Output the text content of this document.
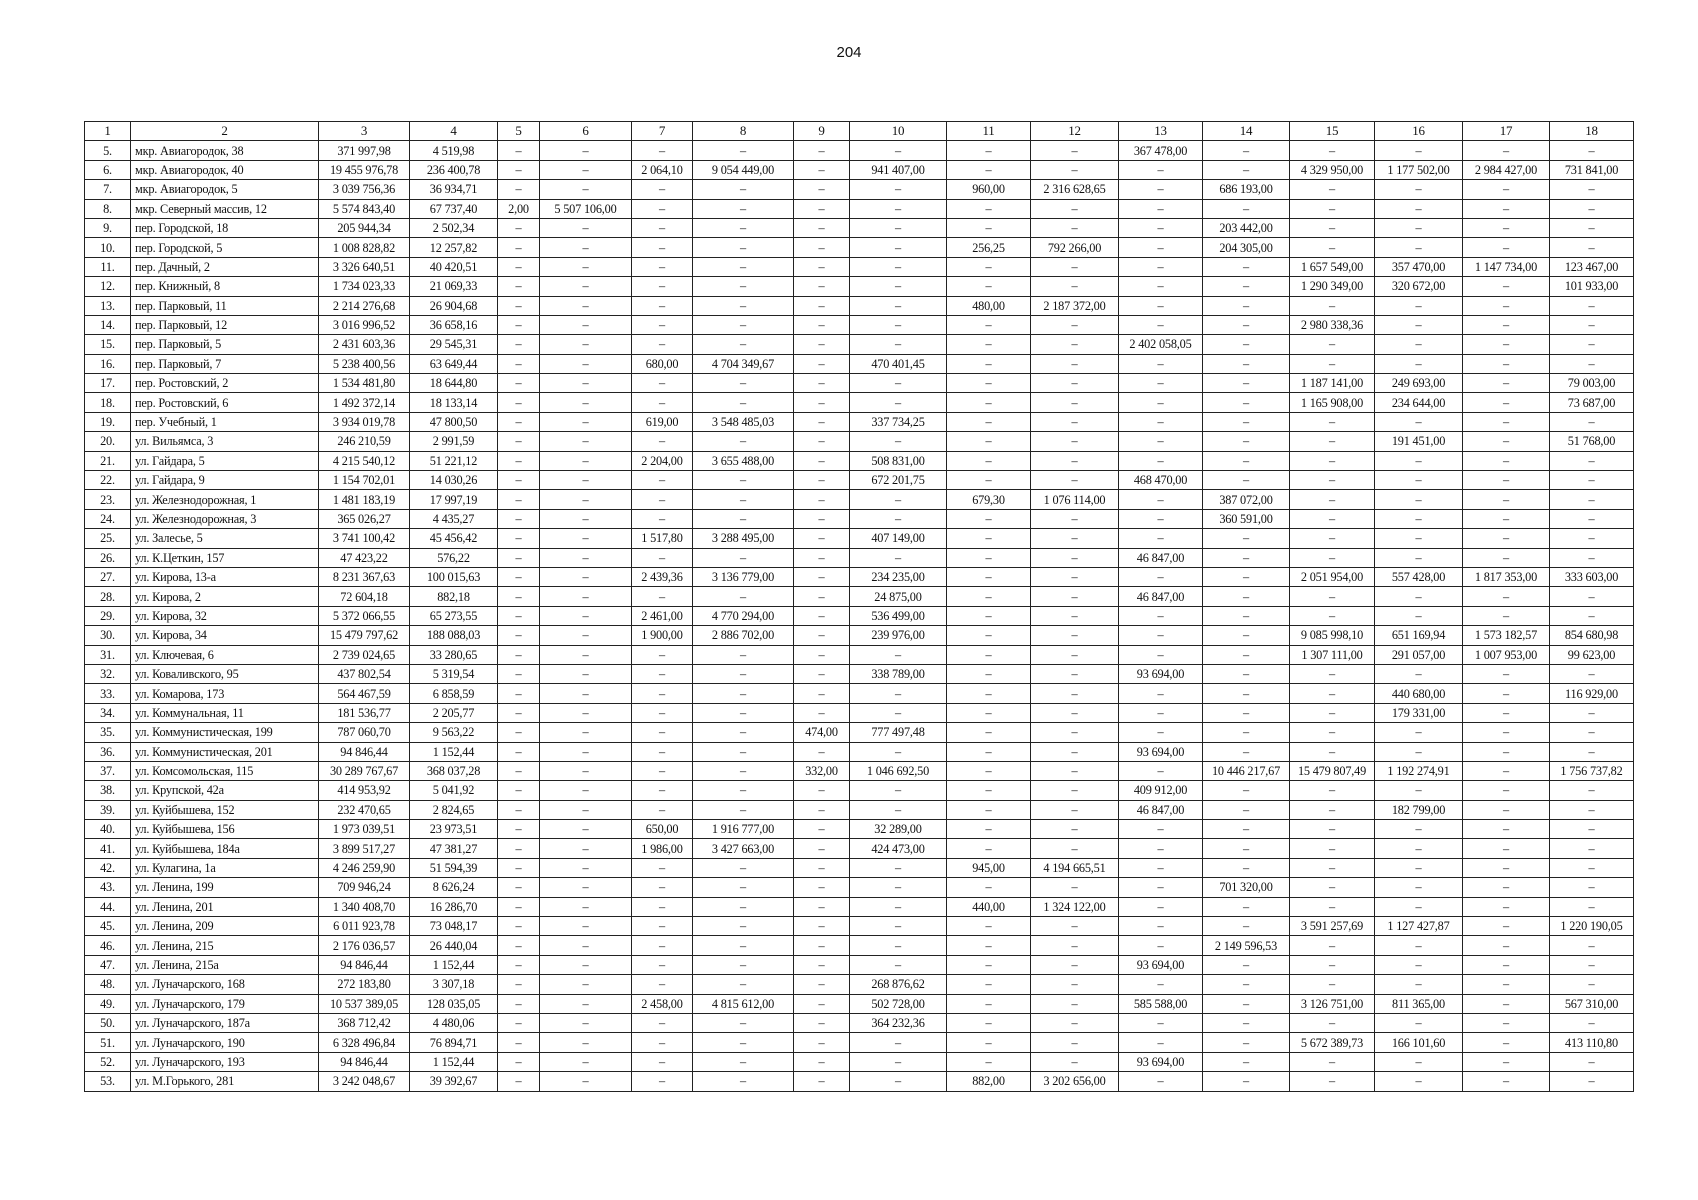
204
1	2	3	4	5	6	7	8	9	10	11	12	13	14	15	16	17	18
5.	мкр. Авиагородок, 38	371 997,98	4 519,98	–	–	–	–	–	–	–	–	367 478,00	–	–	–	–	–
6.	мкр. Авиагородок, 40	19 455 976,78	236 400,78	–	–	2 064,10	9 054 449,00	–	941 407,00	–	–	–	–	4 329 950,00	1 177 502,00	2 984 427,00	731 841,00
7.	мкр. Авиагородок, 5	3 039 756,36	36 934,71	–	–	–	–	–	–	960,00	2 316 628,65	–	686 193,00	–	–	–	–
8.	мкр. Северный массив, 12	5 574 843,40	67 737,40	2,00	5 507 106,00	–	–	–	–	–	–	–	–	–	–	–	–
9.	пер. Городской, 18	205 944,34	2 502,34	–	–	–	–	–	–	–	–	–	203 442,00	–	–	–	–
10.	пер. Городской, 5	1 008 828,82	12 257,82	–	–	–	–	–	–	256,25	792 266,00	–	204 305,00	–	–	–	–
11.	пер. Дачный, 2	3 326 640,51	40 420,51	–	–	–	–	–	–	–	–	–	–	1 657 549,00	357 470,00	1 147 734,00	123 467,00
12.	пер. Книжный, 8	1 734 023,33	21 069,33	–	–	–	–	–	–	–	–	–	–	1 290 349,00	320 672,00	–	101 933,00
13.	пер. Парковый, 11	2 214 276,68	26 904,68	–	–	–	–	–	–	480,00	2 187 372,00	–	–	–	–	–	–
14.	пер. Парковый, 12	3 016 996,52	36 658,16	–	–	–	–	–	–	–	–	–	–	2 980 338,36	–	–	–
15.	пер. Парковый, 5	2 431 603,36	29 545,31	–	–	–	–	–	–	–	–	2 402 058,05	–	–	–	–	–
16.	пер. Парковый, 7	5 238 400,56	63 649,44	–	–	680,00	4 704 349,67	–	470 401,45	–	–	–	–	–	–	–	–
17.	пер. Ростовский, 2	1 534 481,80	18 644,80	–	–	–	–	–	–	–	–	–	–	1 187 141,00	249 693,00	–	79 003,00
18.	пер. Ростовский, 6	1 492 372,14	18 133,14	–	–	–	–	–	–	–	–	–	–	1 165 908,00	234 644,00	–	73 687,00
19.	пер. Учебный, 1	3 934 019,78	47 800,50	–	–	619,00	3 548 485,03	–	337 734,25	–	–	–	–	–	–	–	–
20.	ул. Вильямса, 3	246 210,59	2 991,59	–	–	–	–	–	–	–	–	–	–	–	191 451,00	–	51 768,00
21.	ул. Гайдара, 5	4 215 540,12	51 221,12	–	–	2 204,00	3 655 488,00	–	508 831,00	–	–	–	–	–	–	–	–
22.	ул. Гайдара, 9	1 154 702,01	14 030,26	–	–	–	–	–	672 201,75	–	–	468 470,00	–	–	–	–	–
23.	ул. Железнодорожная, 1	1 481 183,19	17 997,19	–	–	–	–	–	–	679,30	1 076 114,00	–	387 072,00	–	–	–	–
24.	ул. Железнодорожная, 3	365 026,27	4 435,27	–	–	–	–	–	–	–	–	–	360 591,00	–	–	–	–
25.	ул. Залесье, 5	3 741 100,42	45 456,42	–	–	1 517,80	3 288 495,00	–	407 149,00	–	–	–	–	–	–	–	–
26.	ул. К.Цеткин, 157	47 423,22	576,22	–	–	–	–	–	–	–	–	46 847,00	–	–	–	–	–
27.	ул. Кирова, 13-а	8 231 367,63	100 015,63	–	–	2 439,36	3 136 779,00	–	234 235,00	–	–	–	–	2 051 954,00	557 428,00	1 817 353,00	333 603,00
28.	ул. Кирова, 2	72 604,18	882,18	–	–	–	–	–	24 875,00	–	–	46 847,00	–	–	–	–	–
29.	ул. Кирова, 32	5 372 066,55	65 273,55	–	–	2 461,00	4 770 294,00	–	536 499,00	–	–	–	–	–	–	–	–
30.	ул. Кирова, 34	15 479 797,62	188 088,03	–	–	1 900,00	2 886 702,00	–	239 976,00	–	–	–	–	9 085 998,10	651 169,94	1 573 182,57	854 680,98
31.	ул. Ключевая, 6	2 739 024,65	33 280,65	–	–	–	–	–	–	–	–	–	–	1 307 111,00	291 057,00	1 007 953,00	99 623,00
32.	ул. Коваливского, 95	437 802,54	5 319,54	–	–	–	–	–	338 789,00	–	–	93 694,00	–	–	–	–	–
33.	ул. Комарова, 173	564 467,59	6 858,59	–	–	–	–	–	–	–	–	–	–	–	440 680,00	–	116 929,00
34.	ул. Коммунальная, 11	181 536,77	2 205,77	–	–	–	–	–	–	–	–	–	–	–	179 331,00	–	–
35.	ул. Коммунистическая, 199	787 060,70	9 563,22	–	–	–	–	474,00	777 497,48	–	–	–	–	–	–	–	–
36.	ул. Коммунистическая, 201	94 846,44	1 152,44	–	–	–	–	–	–	–	–	93 694,00	–	–	–	–	–
37.	ул. Комсомольская, 115	30 289 767,67	368 037,28	–	–	–	–	332,00	1 046 692,50	–	–	–	10 446 217,67	15 479 807,49	1 192 274,91	–	1 756 737,82
38.	ул. Крупской, 42а	414 953,92	5 041,92	–	–	–	–	–	–	–	–	409 912,00	–	–	–	–	–
39.	ул. Куйбышева, 152	232 470,65	2 824,65	–	–	–	–	–	–	–	–	46 847,00	–	–	182 799,00	–	–
40.	ул. Куйбышева, 156	1 973 039,51	23 973,51	–	–	650,00	1 916 777,00	–	32 289,00	–	–	–	–	–	–	–	–
41.	ул. Куйбышева, 184а	3 899 517,27	47 381,27	–	–	1 986,00	3 427 663,00	–	424 473,00	–	–	–	–	–	–	–	–
42.	ул. Кулагина, 1а	4 246 259,90	51 594,39	–	–	–	–	–	–	945,00	4 194 665,51	–	–	–	–	–	–
43.	ул. Ленина, 199	709 946,24	8 626,24	–	–	–	–	–	–	–	–	–	701 320,00	–	–	–	–
44.	ул. Ленина, 201	1 340 408,70	16 286,70	–	–	–	–	–	–	440,00	1 324 122,00	–	–	–	–	–	–
45.	ул. Ленина, 209	6 011 923,78	73 048,17	–	–	–	–	–	–	–	–	–	–	3 591 257,69	1 127 427,87	–	1 220 190,05
46.	ул. Ленина, 215	2 176 036,57	26 440,04	–	–	–	–	–	–	–	–	–	2 149 596,53	–	–	–	–
47.	ул. Ленина, 215а	94 846,44	1 152,44	–	–	–	–	–	–	–	–	93 694,00	–	–	–	–	–
48.	ул. Луначарского, 168	272 183,80	3 307,18	–	–	–	–	–	268 876,62	–	–	–	–	–	–	–	–
49.	ул. Луначарского, 179	10 537 389,05	128 035,05	–	–	2 458,00	4 815 612,00	–	502 728,00	–	–	585 588,00	–	3 126 751,00	811 365,00	–	567 310,00
50.	ул. Луначарского, 187а	368 712,42	4 480,06	–	–	–	–	–	364 232,36	–	–	–	–	–	–	–	–
51.	ул. Луначарского, 190	6 328 496,84	76 894,71	–	–	–	–	–	–	–	–	–	–	5 672 389,73	166 101,60	–	413 110,80
52.	ул. Луначарского, 193	94 846,44	1 152,44	–	–	–	–	–	–	–	–	93 694,00	–	–	–	–	–
53.	ул. М.Горького, 281	3 242 048,67	39 392,67	–	–	–	–	–	–	882,00	3 202 656,00	–	–	–	–	–	–
